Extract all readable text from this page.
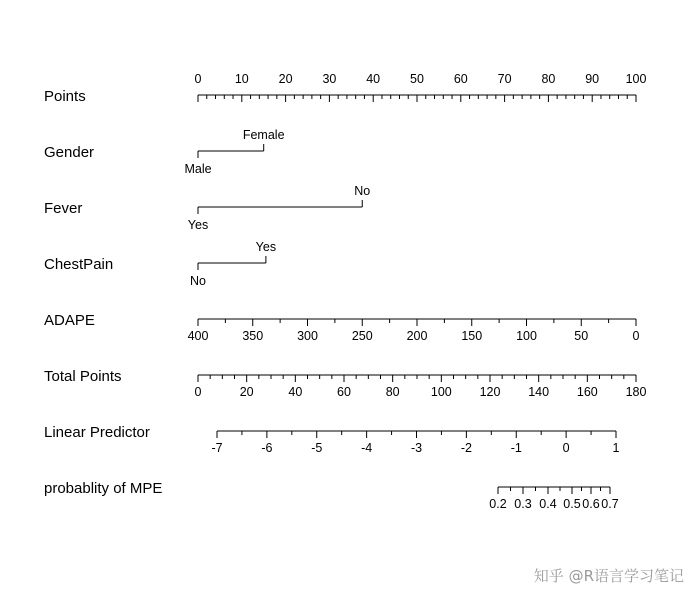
Points
Gender
Fever
ChestPain
ADAPE
Total Points
Linear Predictor
probablity of MPE
0	10 20 30 40 50 60 70 80 90 100
Male
Female
Yes
No
No
Yes
400	350	300	250	200	150	100	50	0
0	20	40	60	80	100 120 140 160 180
-7	-6	-5	-4	-3	-2	-1	0	1
0.2 0.3 0.4 0.5 0.6 0.7
知乎 @R语言学习笔记
